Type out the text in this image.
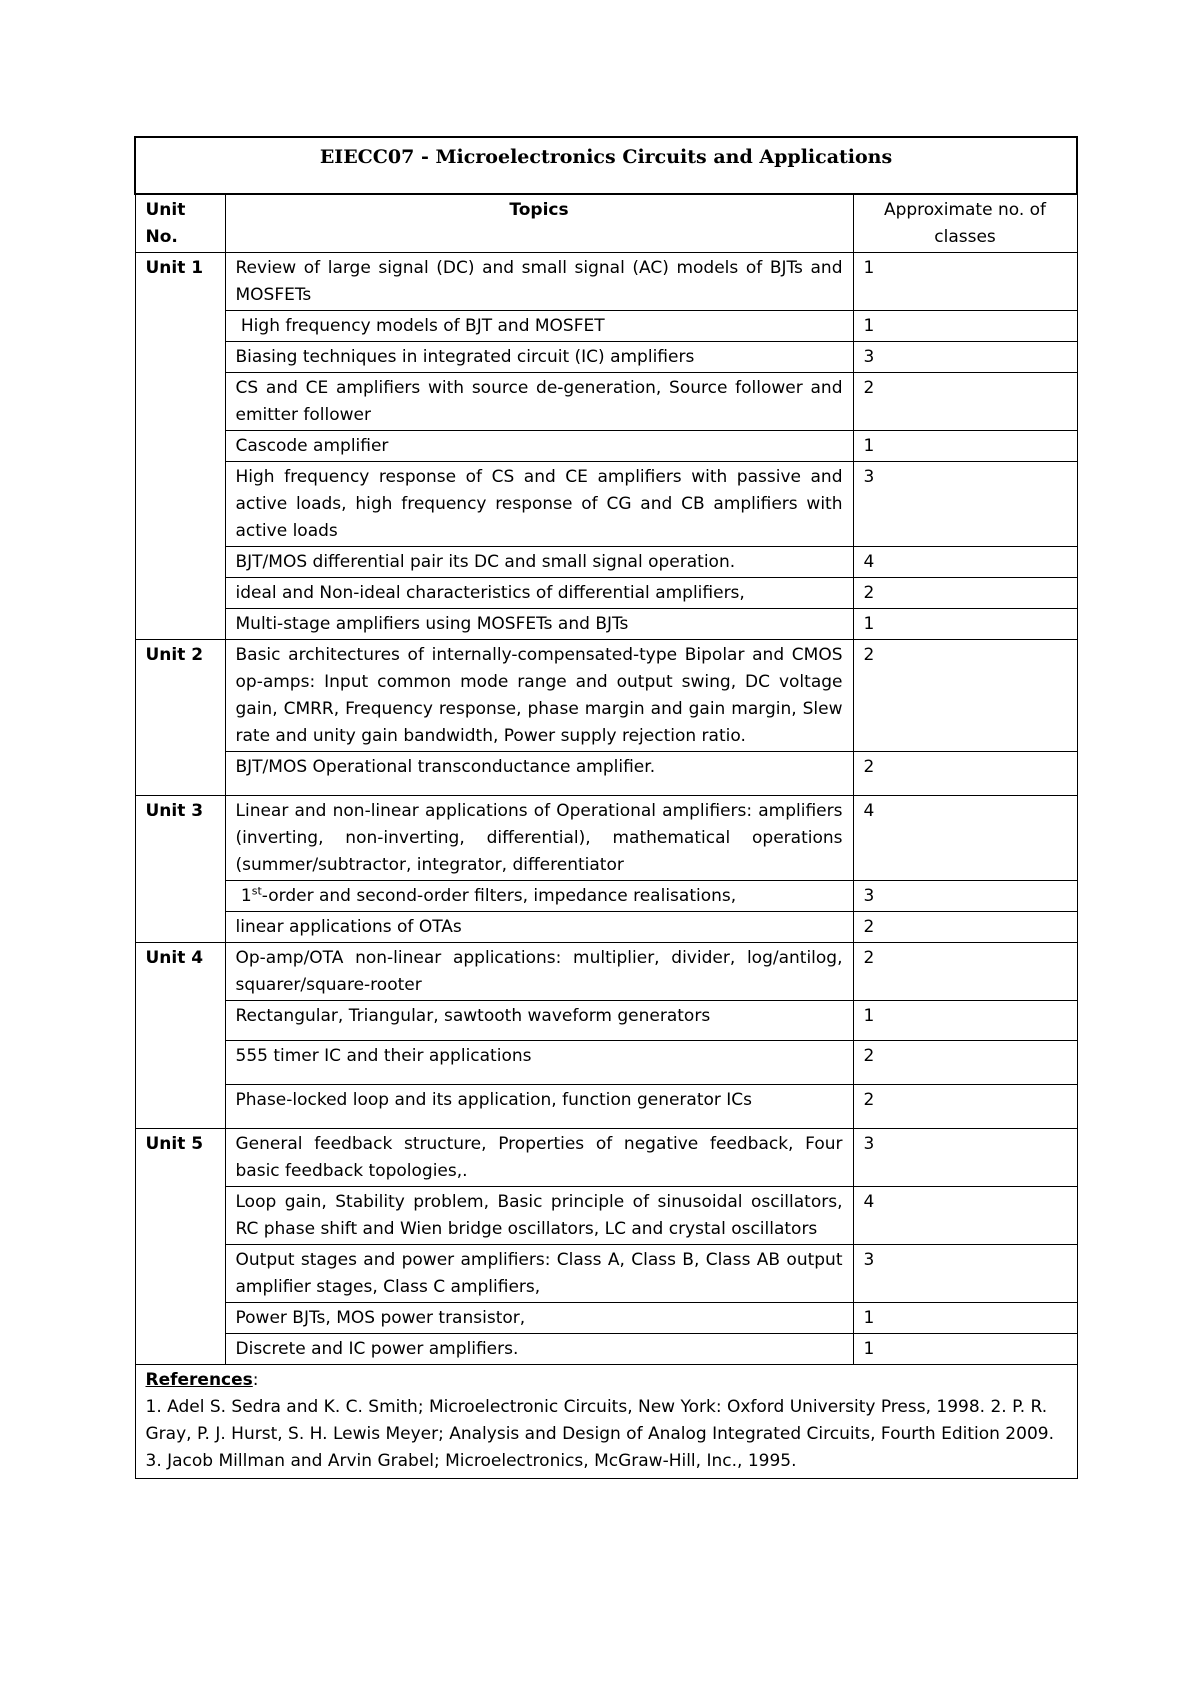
EIECC07 - Microelectronics Circuits and Applications		
Unit No.	Topics	Approximate no. of classes
Unit 1	Review of large signal (DC) and small signal (AC) models of BJTs and MOSFETs	1
	High frequency models of BJT and MOSFET	1
	Biasing techniques in integrated circuit (IC) amplifiers	3
	CS and CE amplifiers with source de-generation, Source follower and emitter follower	2
	Cascode amplifier	1
	High frequency response of CS and CE amplifiers with passive and active loads, high frequency response of CG and CB amplifiers with active loads	3
	BJT/MOS differential pair its DC and small signal operation.	4
	ideal and Non-ideal characteristics of differential amplifiers,	2
	Multi-stage amplifiers using MOSFETs and BJTs	1
Unit 2	Basic architectures of internally-compensated-type Bipolar and CMOS op-amps: Input common mode range and output swing, DC voltage gain, CMRR, Frequency response, phase margin and gain margin, Slew rate and unity gain bandwidth, Power supply rejection ratio.	2
	BJT/MOS Operational transconductance amplifier.	2
Unit 3	Linear and non-linear applications of Operational amplifiers: amplifiers (inverting, non-inverting, differential), mathematical operations (summer/subtractor, integrator, differentiator	4
	1st-order and second-order filters, impedance realisations,	3
	linear applications of OTAs	2
Unit 4	Op-amp/OTA non-linear applications: multiplier, divider, log/antilog, squarer/square-rooter	2
	Rectangular, Triangular, sawtooth waveform generators	1
	555 timer IC and their applications	2
	Phase-locked loop and its application, function generator ICs	2
Unit 5	General feedback structure, Properties of negative feedback, Four basic feedback topologies,.	3
	Loop gain, Stability problem, Basic principle of sinusoidal oscillators, RC phase shift and Wien bridge oscillators, LC and crystal oscillators	4
	Output stages and power amplifiers: Class A, Class B, Class AB output amplifier stages, Class C amplifiers,	3
	Power BJTs, MOS power transistor,	1
	Discrete and IC power amplifiers.	1

References:
1. Adel S. Sedra and K. C. Smith; Microelectronic Circuits, New York: Oxford University Press, 1998. 2. P. R. Gray, P. J. Hurst, S. H. Lewis Meyer; Analysis and Design of Analog Integrated Circuits, Fourth Edition 2009.
3. Jacob Millman and Arvin Grabel; Microelectronics, McGraw-Hill, Inc., 1995.		
